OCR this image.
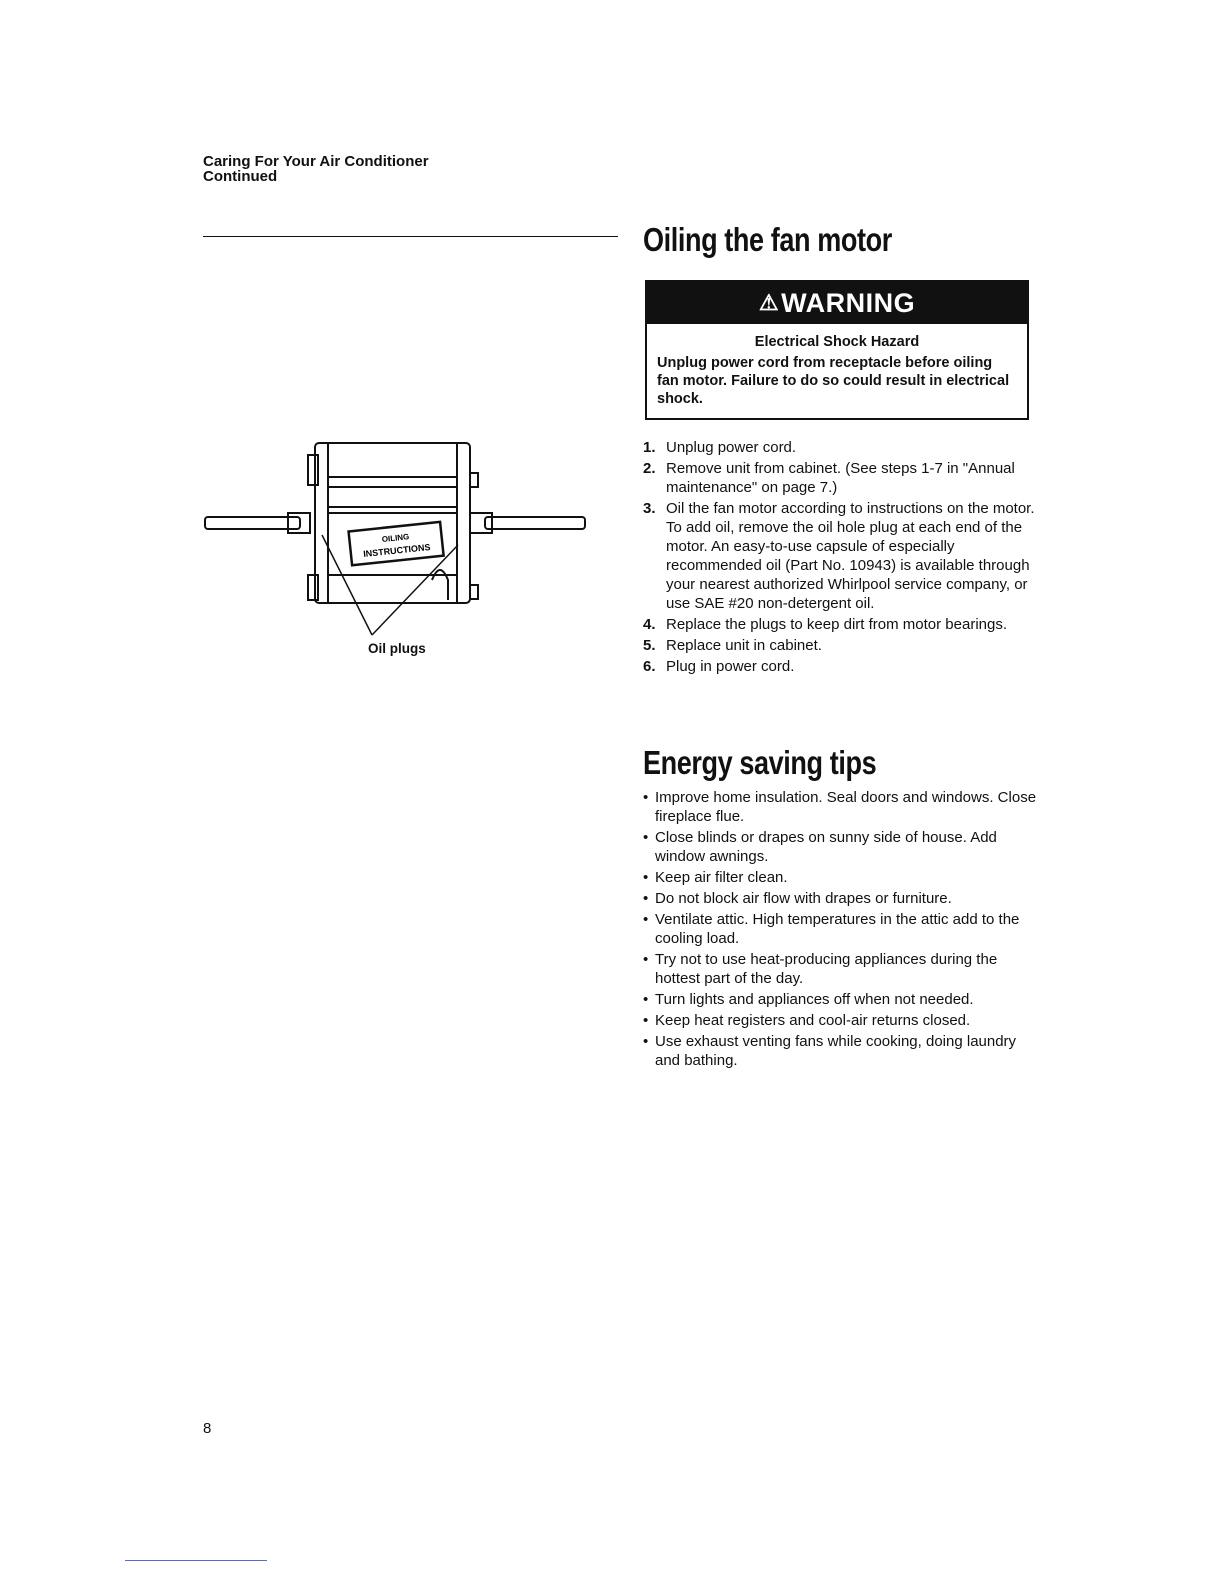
Caring For Your Air Conditioner
Continued
Oiling the fan motor
⚠ WARNING
Electrical Shock Hazard
Unplug power cord from receptacle before oiling fan motor. Failure to do so could result in electrical shock.
OILING
INSTRUCTIONS
Oil plugs
1. Unplug power cord.
2. Remove unit from cabinet. (See steps 1-7 in "Annual maintenance" on page 7.)
3. Oil the fan motor according to instructions on the motor. To add oil, remove the oil hole plug at each end of the motor. An easy-to-use capsule of especially recommended oil (Part No. 10943) is available through your nearest authorized Whirlpool service company, or use SAE #20 non-detergent oil.
4. Replace the plugs to keep dirt from motor bearings.
5. Replace unit in cabinet.
6. Plug in power cord.
Energy saving tips
• Improve home insulation. Seal doors and windows. Close fireplace flue.
• Close blinds or drapes on sunny side of house. Add window awnings.
• Keep air filter clean.
• Do not block air flow with drapes or furniture.
• Ventilate attic. High temperatures in the attic add to the cooling load.
• Try not to use heat-producing appliances during the hottest part of the day.
• Turn lights and appliances off when not needed.
• Keep heat registers and cool-air returns closed.
• Use exhaust venting fans while cooking, doing laundry and bathing.
8
